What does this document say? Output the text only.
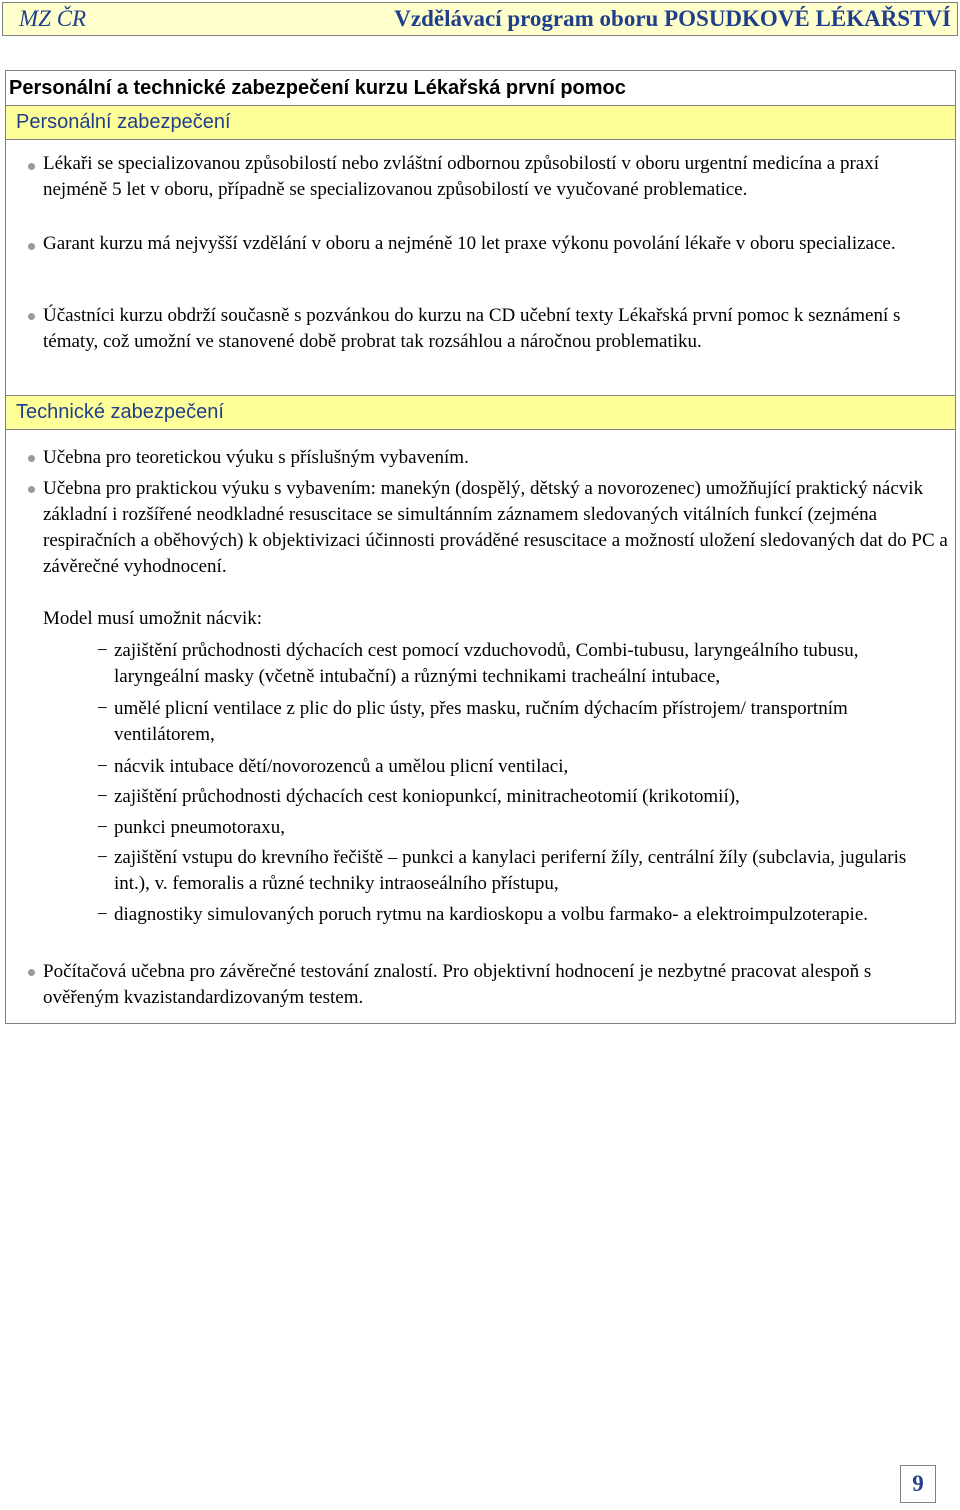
MZ ČR	Vzdělávací program oboru POSUDKOVÉ LÉKAŘSTVÍ
Personální a technické zabezpečení kurzu Lékařská první pomoc
Personální zabezpečení
Lékaři se specializovanou způsobilostí nebo zvláštní odbornou způsobilostí v oboru urgentní medicína a praxí nejméně 5 let v oboru, případně se specializovanou způsobilostí ve vyučované problematice.
Garant kurzu má nejvyšší vzdělání v oboru a nejméně 10 let praxe výkonu povolání lékaře v oboru specializace.
Účastníci kurzu obdrží současně s pozvánkou do kurzu na CD učební texty Lékařská první pomoc k seznámení s tématy, což umožní ve stanovené době probrat tak rozsáhlou a náročnou problematiku.
Technické zabezpečení
Učebna pro teoretickou výuku s příslušným vybavením.
Učebna pro praktickou výuku s vybavením: manekýn (dospělý, dětský a novorozenec) umožňující praktický nácvik základní i rozšířené neodkladné resuscitace se simultánním záznamem sledovaných vitálních funkcí (zejména respiračních a oběhových) k objektivizaci účinnosti prováděné resuscitace a možností uložení sledovaných dat do PC a závěrečné vyhodnocení.
Model musí umožnit nácvik:
− zajištění průchodnosti dýchacích cest pomocí vzduchovodů, Combi-tubusu, laryngeálního tubusu, laryngeální masky (včetně intubační) a různými technikami tracheální intubace,
− umělé plicní ventilace z plic do plic ústy, přes masku, ručním dýchacím přístrojem/ transportním ventilátorem,
− nácvik intubace dětí/novorozenců a umělou plicní ventilaci,
− zajištění průchodnosti dýchacích cest koniopunkcí, minitracheotomií (krikotomií),
− punkci pneumotoraxu,
− zajištění vstupu do krevního řečiště – punkci a kanylaci periferní žíly, centrální žíly (subclavia, jugularis int.), v. femoralis a různé techniky intraoseálního přístupu,
− diagnostiky simulovaných poruch rytmu na kardioskopu a volbu farmako- a elektroimpulzoterapie.
Počítačová učebna pro závěrečné testování znalostí. Pro objektivní hodnocení je nezbytné pracovat alespoň s ověřeným kvazistandardizovaným testem.
9
